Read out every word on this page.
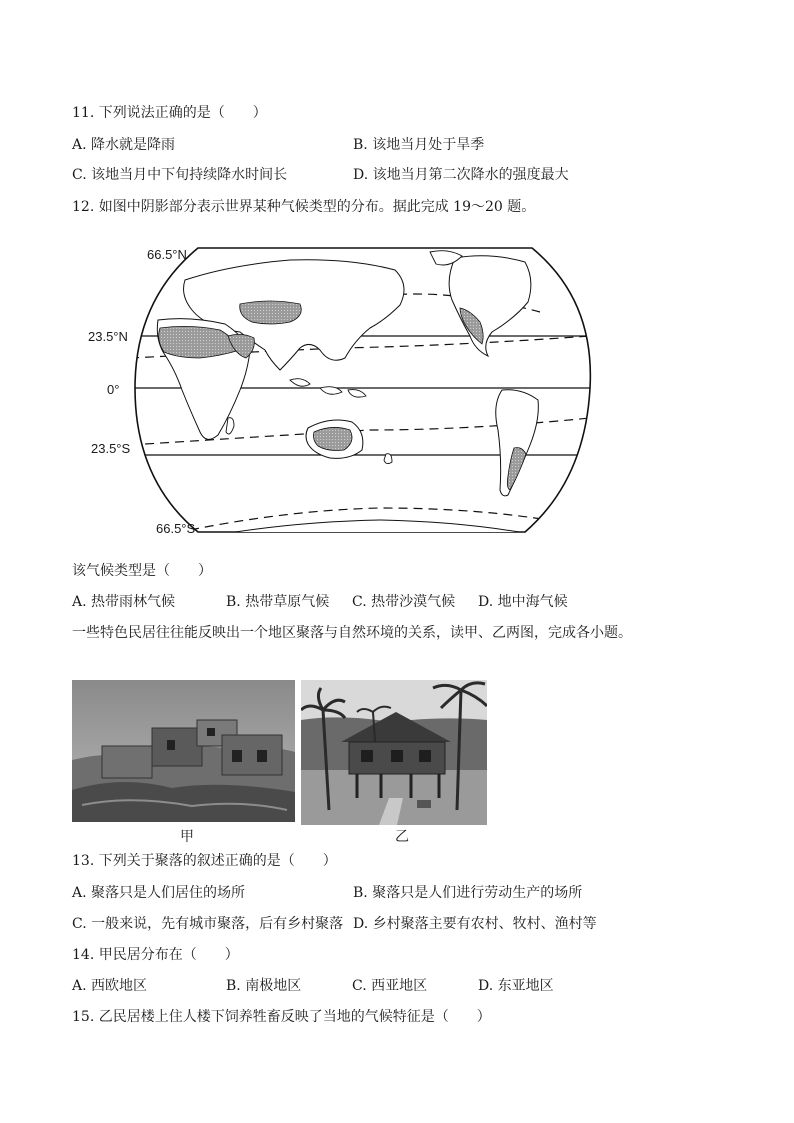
11. 下列说法正确的是（　　）
A. 降水就是降雨	B. 该地当月处于旱季
C. 该地当月中下旬持续降水时间长	D. 该地当月第二次降水的强度最大
12. 如图中阴影部分表示世界某种气候类型的分布。据此完成 19～20 题。
66.5°N
23.5°N
0°
23.5°S
66.5°S
该气候类型是（　　）
A. 热带雨林气候	B. 热带草原气候 C. 热带沙漠气候 D. 地中海气候
一些特色民居往往能反映出一个地区聚落与自然环境的关系，读甲、乙两图，完成各小题。
甲	乙
13. 下列关于聚落的叙述正确的是（　　）
A. 聚落只是人们居住的场所	B. 聚落只是人们进行劳动生产的场所
C. 一般来说，先有城市聚落，后有乡村聚落 D. 乡村聚落主要有农村、牧村、渔村等
14. 甲民居分布在（　　）
A. 西欧地区	B. 南极地区	C. 西亚地区	D. 东亚地区
15. 乙民居楼上住人楼下饲养牲畜反映了当地的气候特征是（　　）
